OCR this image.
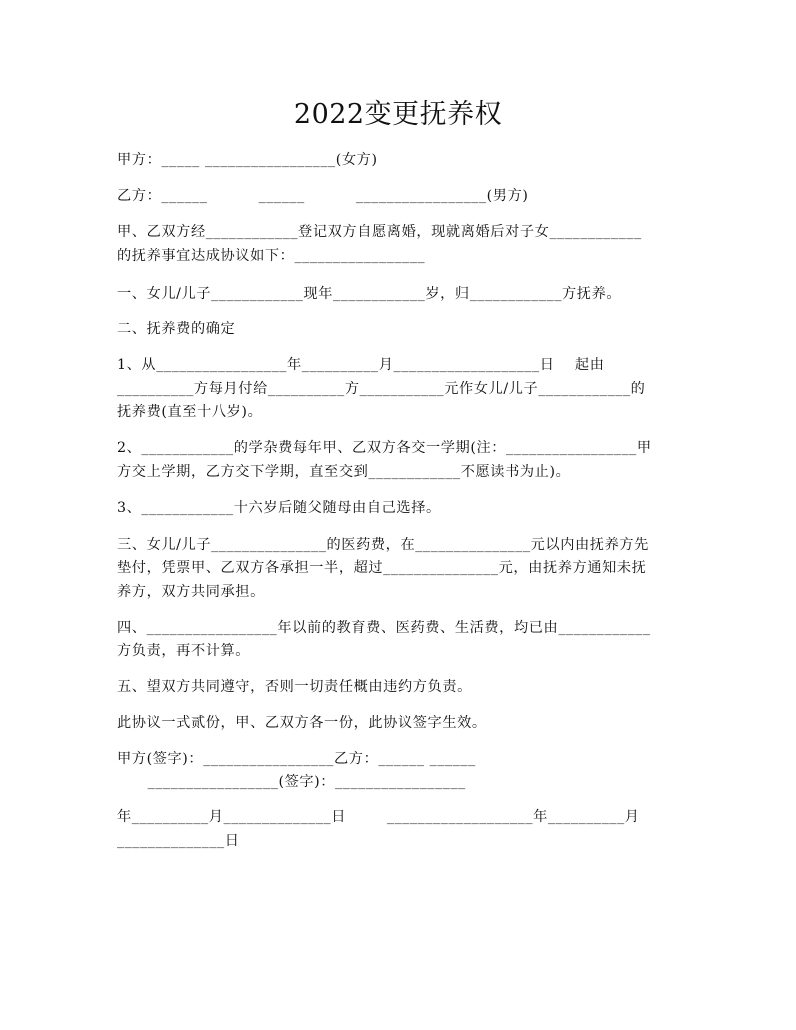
2022变更抚养权
甲方：_____ _________________(女方)
乙方：______          ______          _________________(男方)
甲、乙双方经____________登记双方自愿离婚，现就离婚后对子女____________
的抚养事宜达成协议如下：_________________
一、女儿/儿子____________现年____________岁，归____________方抚养。
二、抚养费的确定
1、从_________________年__________月___________________日    起由
__________方每月付给__________方___________元作女儿/儿子____________的
抚养费(直至十八岁)。
2、____________的学杂费每年甲、乙双方各交一学期(注：_________________甲
方交上学期，乙方交下学期，直至交到____________不愿读书为止)。
3、____________十六岁后随父随母由自己选择。
三、女儿/儿子_______________的医药费，在_______________元以内由抚养方先
垫付，凭票甲、乙双方各承担一半，超过_______________元，由抚养方通知未抚
养方，双方共同承担。
四、_________________年以前的教育费、医药费、生活费，均已由____________
方负责，再不计算。
五、望双方共同遵守，否则一切责任概由违约方负责。
此协议一式贰份，甲、乙双方各一份，此协议签字生效。
甲方(签字)：_________________乙方：______ ______
_________________(签字)：_________________
年__________月______________日        ___________________年__________月
______________日
